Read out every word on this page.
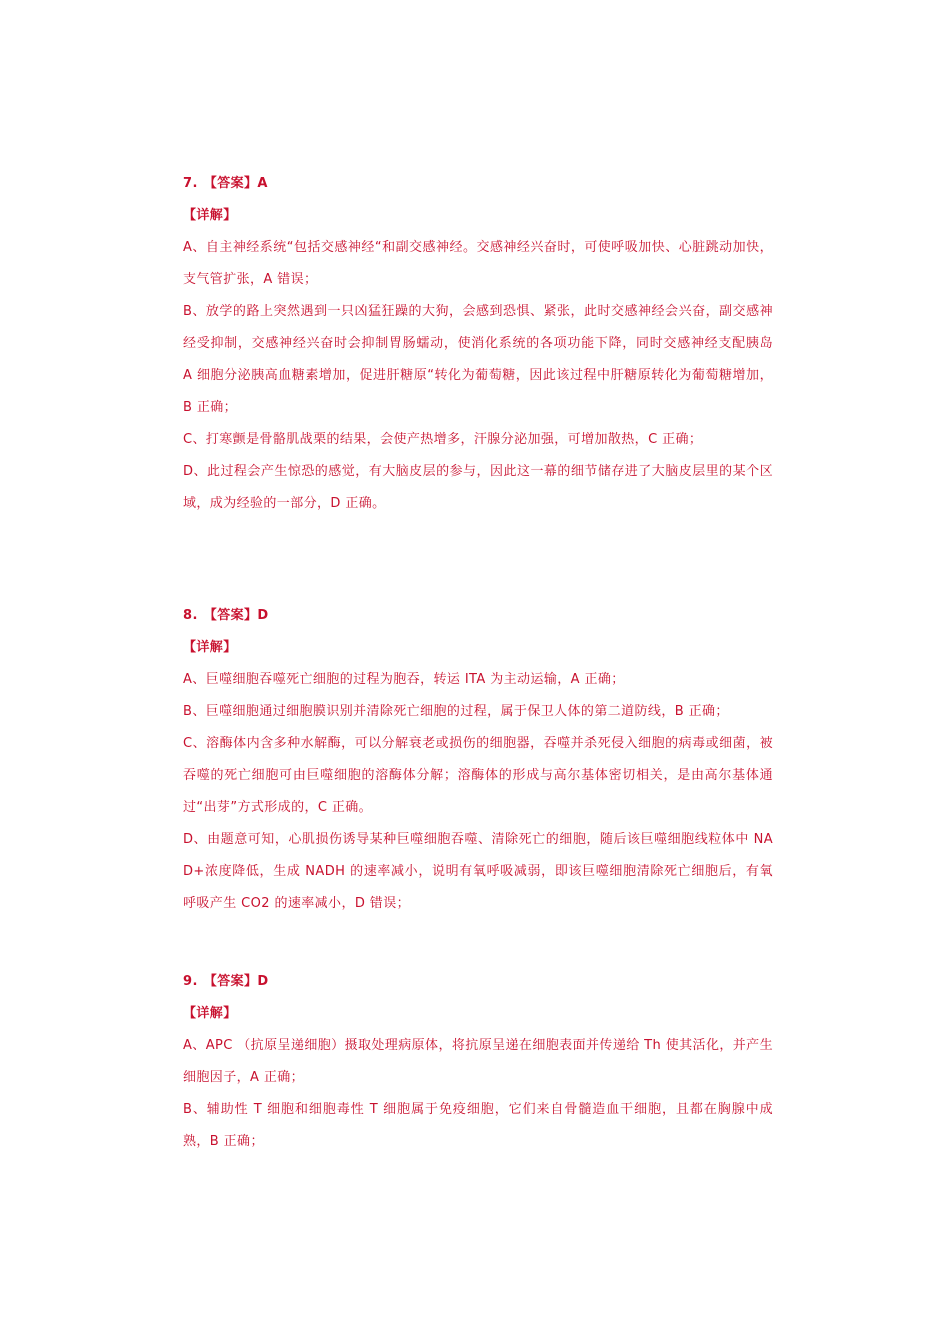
7. 【答案】A

【详解】

A、自主神经系统“包括交感神经“和副交感神经。交感神经兴奋时，可使呼吸加快、心脏跳动加快，支气管扩张，A 错误；

B、放学的路上突然遇到一只凶猛狂躁的大狗，会感到恐惧、紧张，此时交感神经会兴奋，副交感神经受抑制，交感神经兴奋时会抑制胃肠蠕动，使消化系统的各项功能下降，同时交感神经支配胰岛 A 细胞分泌胰高血糖素增加，促进肝糖原“转化为葡萄糖，因此该过程中肝糖原转化为葡萄糖增加，B 正确；

C、打寒颤是骨骼肌战栗的结果，会使产热增多，汗腺分泌加强，可增加散热，C 正确；

D、此过程会产生惊恐的感觉，有大脑皮层的参与，因此这一幕的细节储存进了大脑皮层里的某个区域，成为经验的一部分，D 正确。

8. 【答案】D

【详解】

A、巨噬细胞吞噬死亡细胞的过程为胞吞，转运 ITA 为主动运输，A 正确；

B、巨噬细胞通过细胞膜识别并清除死亡细胞的过程，属于保卫人体的第二道防线，B 正确；

C、溶酶体内含多种水解酶，可以分解衰老或损伤的细胞器，吞噬并杀死侵入细胞的病毒或细菌，被吞噬的死亡细胞可由巨噬细胞的溶酶体分解；溶酶体的形成与高尔基体密切相关，是由高尔基体通过“出芽”方式形成的，C 正确。

D、由题意可知，心肌损伤诱导某种巨噬细胞吞噬、清除死亡的细胞，随后该巨噬细胞线粒体中 NAD+浓度降低，生成 NADH 的速率减小，说明有氧呼吸减弱，即该巨噬细胞清除死亡细胞后，有氧呼吸产生 CO2 的速率减小，D 错误；

9. 【答案】D

【详解】

A、APC （抗原呈递细胞）摄取处理病原体，将抗原呈递在细胞表面并传递给 Th 使其活化，并产生细胞因子，A 正确；

B、辅助性 T 细胞和细胞毒性 T 细胞属于免疫细胞，它们来自骨髓造血干细胞，且都在胸腺中成熟，B 正确；
